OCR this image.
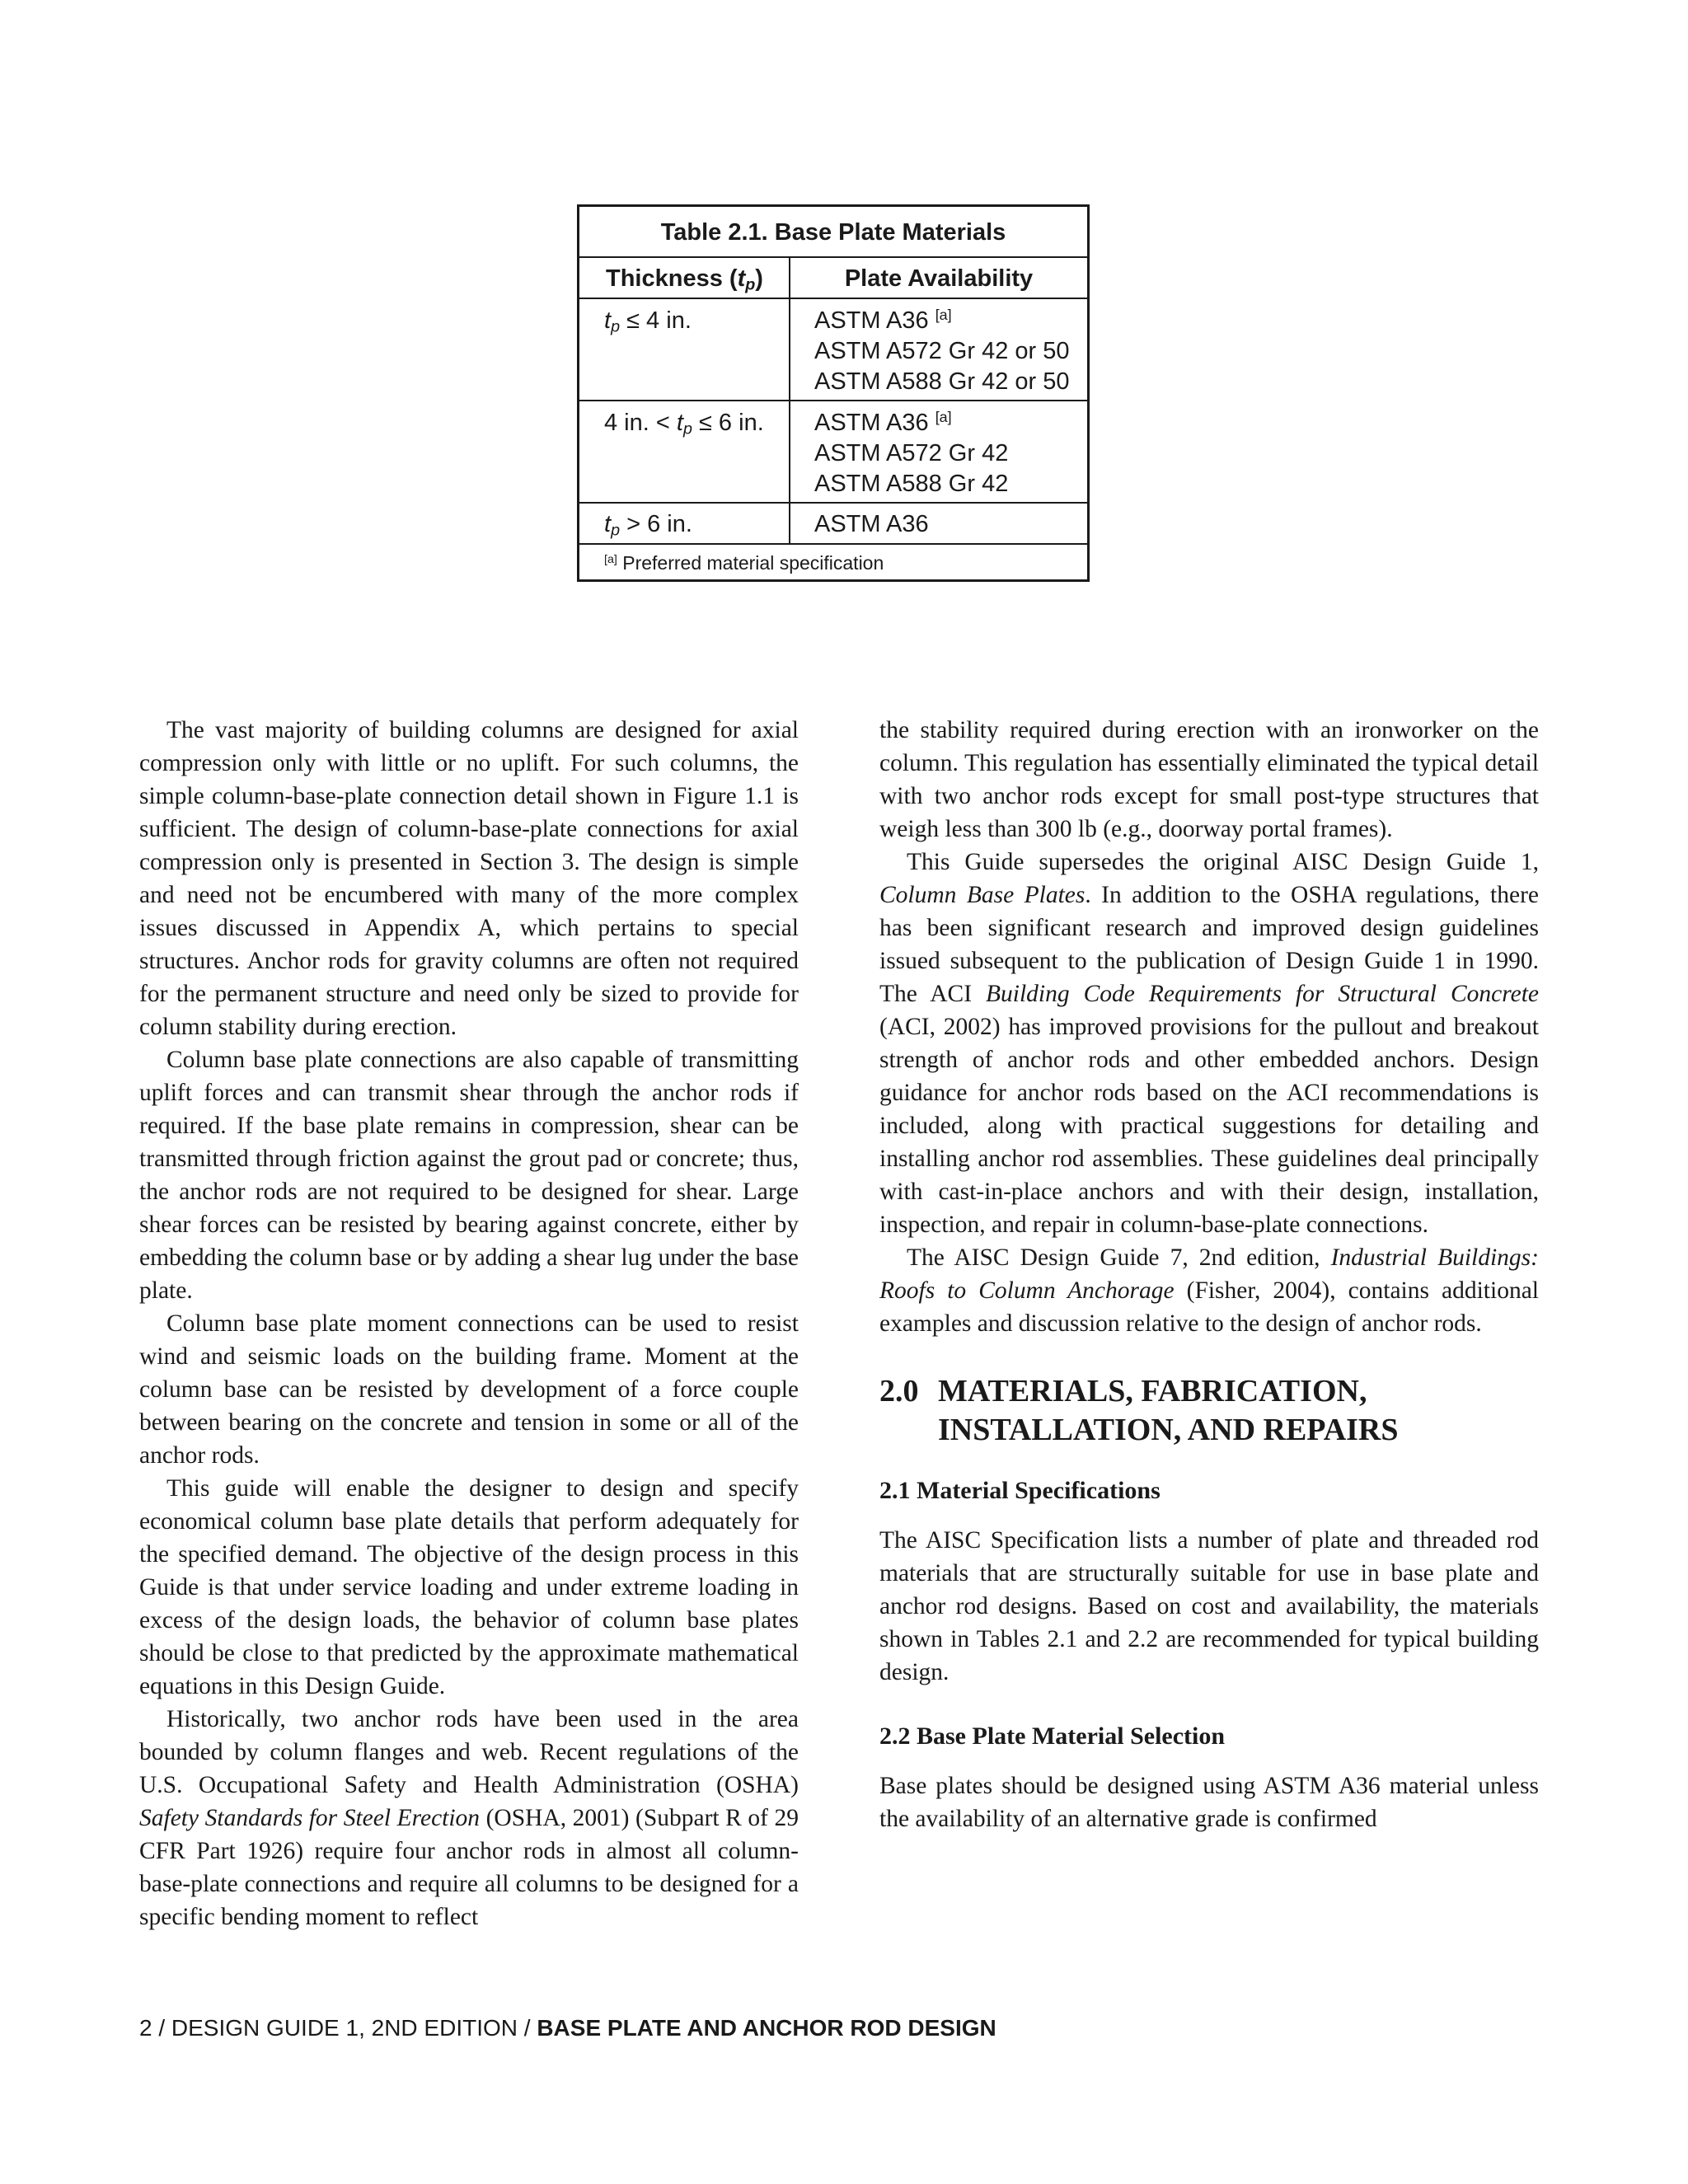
Table 2.1. Base Plate Materials
Thickness $(t_p)$	Plate Availability
$t_p \le 4$ in.	ASTM A36 [a]
ASTM A572 Gr 42 or 50
ASTM A588 Gr 42 or 50
4 in. < $t_p \le 6$ in.	ASTM A36 [a]
ASTM A572 Gr 42
ASTM A588 Gr 42
$t_p > 6$ in.	ASTM A36
[a] Preferred material specification

The vast majority of building columns are designed for axial compression only with little or no uplift. For such columns, the simple column-base-plate connection detail shown in Figure 1.1 is sufficient. The design of column-base-plate connections for axial compression only is presented in Section 3. The design is simple and need not be encumbered with many of the more complex issues discussed in Appendix A, which pertains to special structures. Anchor rods for gravity columns are often not required for the permanent structure and need only be sized to provide for column stability during erection.

Column base plate connections are also capable of transmitting uplift forces and can transmit shear through the anchor rods if required. If the base plate remains in compression, shear can be transmitted through friction against the grout pad or concrete; thus, the anchor rods are not required to be designed for shear. Large shear forces can be resisted by bearing against concrete, either by embedding the column base or by adding a shear lug under the base plate.

Column base plate moment connections can be used to resist wind and seismic loads on the building frame. Moment at the column base can be resisted by development of a force couple between bearing on the concrete and tension in some or all of the anchor rods.

This guide will enable the designer to design and specify economical column base plate details that perform adequately for the specified demand. The objective of the design process in this Guide is that under service loading and under extreme loading in excess of the design loads, the behavior of column base plates should be close to that predicted by the approximate mathematical equations in this Design Guide.

Historically, two anchor rods have been used in the area bounded by column flanges and web. Recent regulations of the U.S. Occupational Safety and Health Administration (OSHA) Safety Standards for Steel Erection (OSHA, 2001) (Subpart R of 29 CFR Part 1926) require four anchor rods in almost all column-base-plate connections and require all columns to be designed for a specific bending moment to reflect

the stability required during erection with an ironworker on the column. This regulation has essentially eliminated the typical detail with two anchor rods except for small post-type structures that weigh less than 300 lb (e.g., doorway portal frames).

This Guide supersedes the original AISC Design Guide 1, Column Base Plates. In addition to the OSHA regulations, there has been significant research and improved design guidelines issued subsequent to the publication of Design Guide 1 in 1990. The ACI Building Code Requirements for Structural Concrete (ACI, 2002) has improved provisions for the pullout and breakout strength of anchor rods and other embedded anchors. Design guidance for anchor rods based on the ACI recommendations is included, along with practical suggestions for detailing and installing anchor rod assemblies. These guidelines deal principally with cast-in-place anchors and with their design, installation, inspection, and repair in column-base-plate connections.

The AISC Design Guide 7, 2nd edition, Industrial Buildings: Roofs to Column Anchorage (Fisher, 2004), contains additional examples and discussion relative to the design of anchor rods.

2.0 MATERIALS, FABRICATION,
INSTALLATION, AND REPAIRS
2.1 Material Specifications

The AISC Specification lists a number of plate and threaded rod materials that are structurally suitable for use in base plate and anchor rod designs. Based on cost and availability, the materials shown in Tables 2.1 and 2.2 are recommended for typical building design.

2.2 Base Plate Material Selection

Base plates should be designed using ASTM A36 material unless the availability of an alternative grade is confirmed

2 / DESIGN GUIDE 1, 2ND EDITION / BASE PLATE AND ANCHOR ROD DESIGN
